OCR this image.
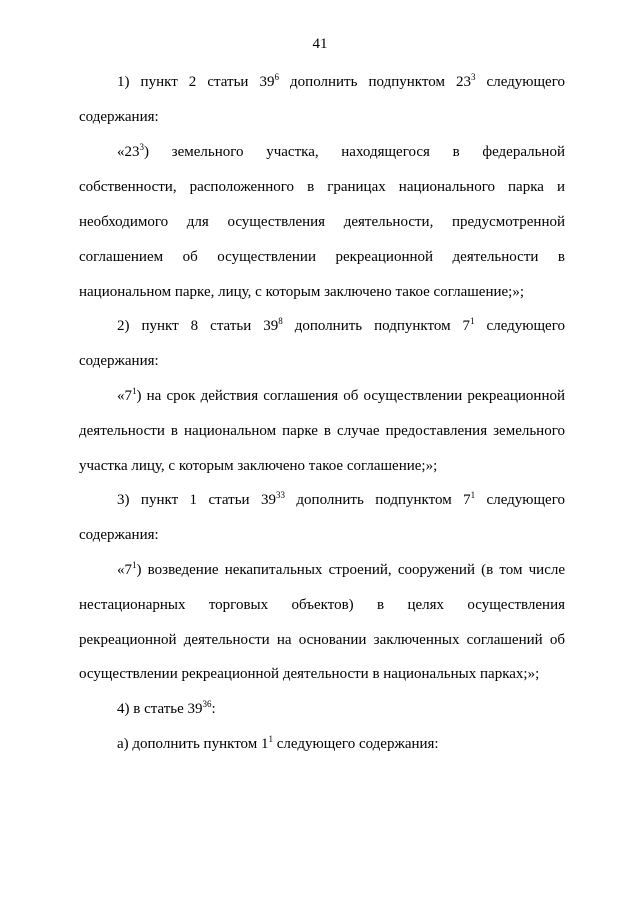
41
1) пункт 2 статьи $39^6$ дополнить подпунктом $23^3$ следующего
содержания:
«$23^3$) земельного участка, находящегося в федеральной
собственности, расположенного в границах национального парка и
необходимого для осуществления деятельности, предусмотренной
соглашением об осуществлении рекреационной деятельности в
национальном парке, лицу, с которым заключено такое соглашение;»;
2) пункт 8 статьи $39^8$ дополнить подпунктом $7^1$ следующего
содержания:
«$7^1$) на срок действия соглашения об осуществлении рекреационной
деятельности в национальном парке в случае предоставления земельного
участка лицу, с которым заключено такое соглашение;»;
3) пункт 1 статьи $39^{33}$ дополнить подпунктом $7^1$ следующего
содержания:
«$7^1$) возведение некапитальных строений, сооружений (в том числе
нестационарных торговых объектов) в целях осуществления
рекреационной деятельности на основании заключенных соглашений об
осуществлении рекреационной деятельности в национальных парках;»;
4) в статье $39^{36}$:
а) дополнить пунктом $1^1$ следующего содержания:
